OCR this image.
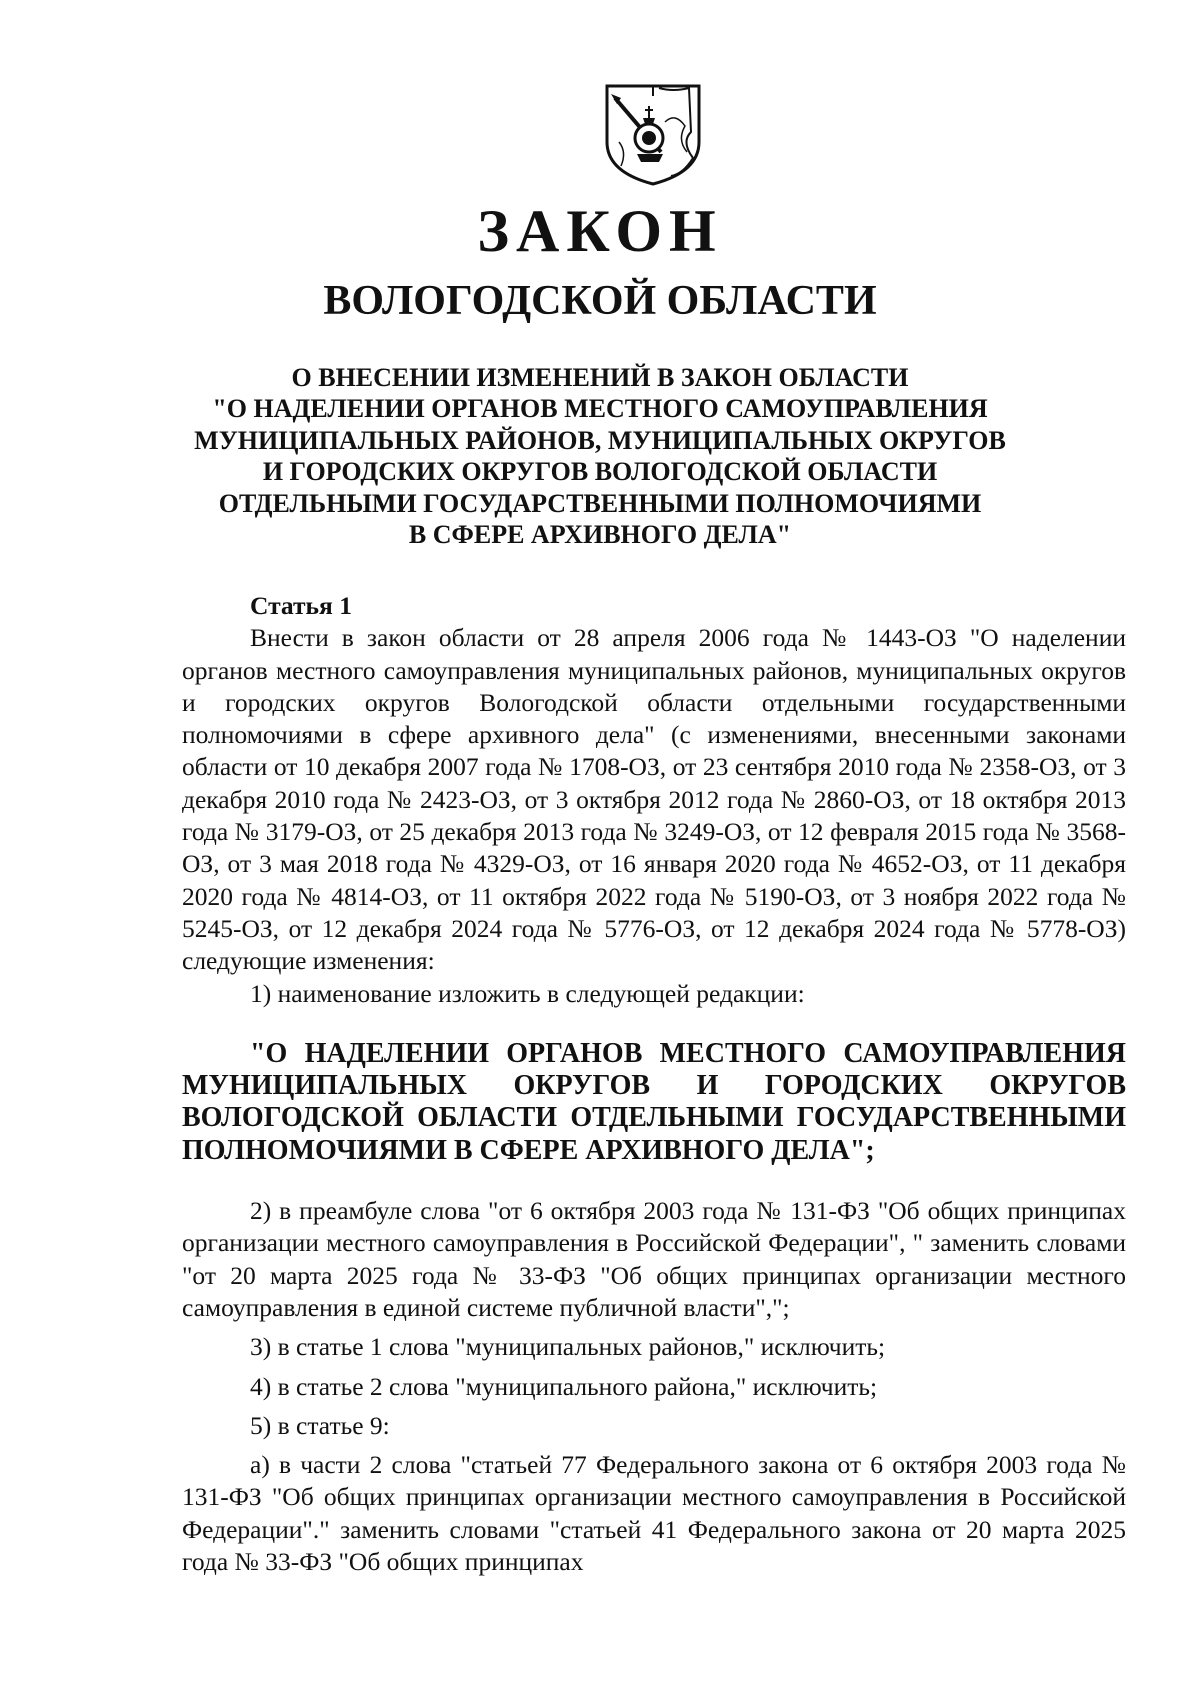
ЗАКОН
ВОЛОГОДСКОЙ ОБЛАСТИ
О ВНЕСЕНИИ ИЗМЕНЕНИЙ В ЗАКОН ОБЛАСТИ
"О НАДЕЛЕНИИ ОРГАНОВ МЕСТНОГО САМОУПРАВЛЕНИЯ
МУНИЦИПАЛЬНЫХ РАЙОНОВ, МУНИЦИПАЛЬНЫХ ОКРУГОВ
И ГОРОДСКИХ ОКРУГОВ ВОЛОГОДСКОЙ ОБЛАСТИ
ОТДЕЛЬНЫМИ ГОСУДАРСТВЕННЫМИ ПОЛНОМОЧИЯМИ
В СФЕРЕ АРХИВНОГО ДЕЛА"
Статья 1

Внести в закон области от 28 апреля 2006 года № 1443-ОЗ "О наделении органов местного самоуправления муниципальных районов, муниципальных округов и городских округов Вологодской области отдельными государственными полномочиями в сфере архивного дела" (с изменениями, внесенными законами области от 10 декабря 2007 года № 1708-ОЗ, от 23 сентября 2010 года № 2358-ОЗ, от 3 декабря 2010 года № 2423-ОЗ, от 3 октября 2012 года № 2860-ОЗ, от 18 октября 2013 года № 3179-ОЗ, от 25 декабря 2013 года № 3249-ОЗ, от 12 февраля 2015 года № 3568-ОЗ, от 3 мая 2018 года № 4329-ОЗ, от 16 января 2020 года № 4652-ОЗ, от 11 декабря 2020 года № 4814-ОЗ, от 11 октября 2022 года № 5190-ОЗ, от 3 ноября 2022 года № 5245-ОЗ, от 12 декабря 2024 года № 5776-ОЗ, от 12 декабря 2024 года № 5778-ОЗ) следующие изменения:

1) наименование изложить в следующей редакции:

"О НАДЕЛЕНИИ ОРГАНОВ МЕСТНОГО САМОУПРАВЛЕНИЯ МУНИЦИПАЛЬНЫХ ОКРУГОВ И ГОРОДСКИХ ОКРУГОВ ВОЛОГОДСКОЙ ОБЛАСТИ ОТДЕЛЬНЫМИ ГОСУДАРСТВЕННЫМИ ПОЛНОМОЧИЯМИ В СФЕРЕ АРХИВНОГО ДЕЛА";

2) в преамбуле слова "от 6 октября 2003 года № 131-ФЗ "Об общих принципах организации местного самоуправления в Российской Федерации", " заменить словами "от 20 марта 2025 года № 33-ФЗ "Об общих принципах организации местного самоуправления в единой системе публичной власти",";

3) в статье 1 слова "муниципальных районов," исключить;

4) в статье 2 слова "муниципального района," исключить;

5) в статье 9:

а) в части 2 слова "статьей 77 Федерального закона от 6 октября 2003 года № 131-ФЗ "Об общих принципах организации местного самоуправления в Российской Федерации"." заменить словами "статьей 41 Федерального закона от 20 марта 2025 года № 33-ФЗ "Об общих принципах
